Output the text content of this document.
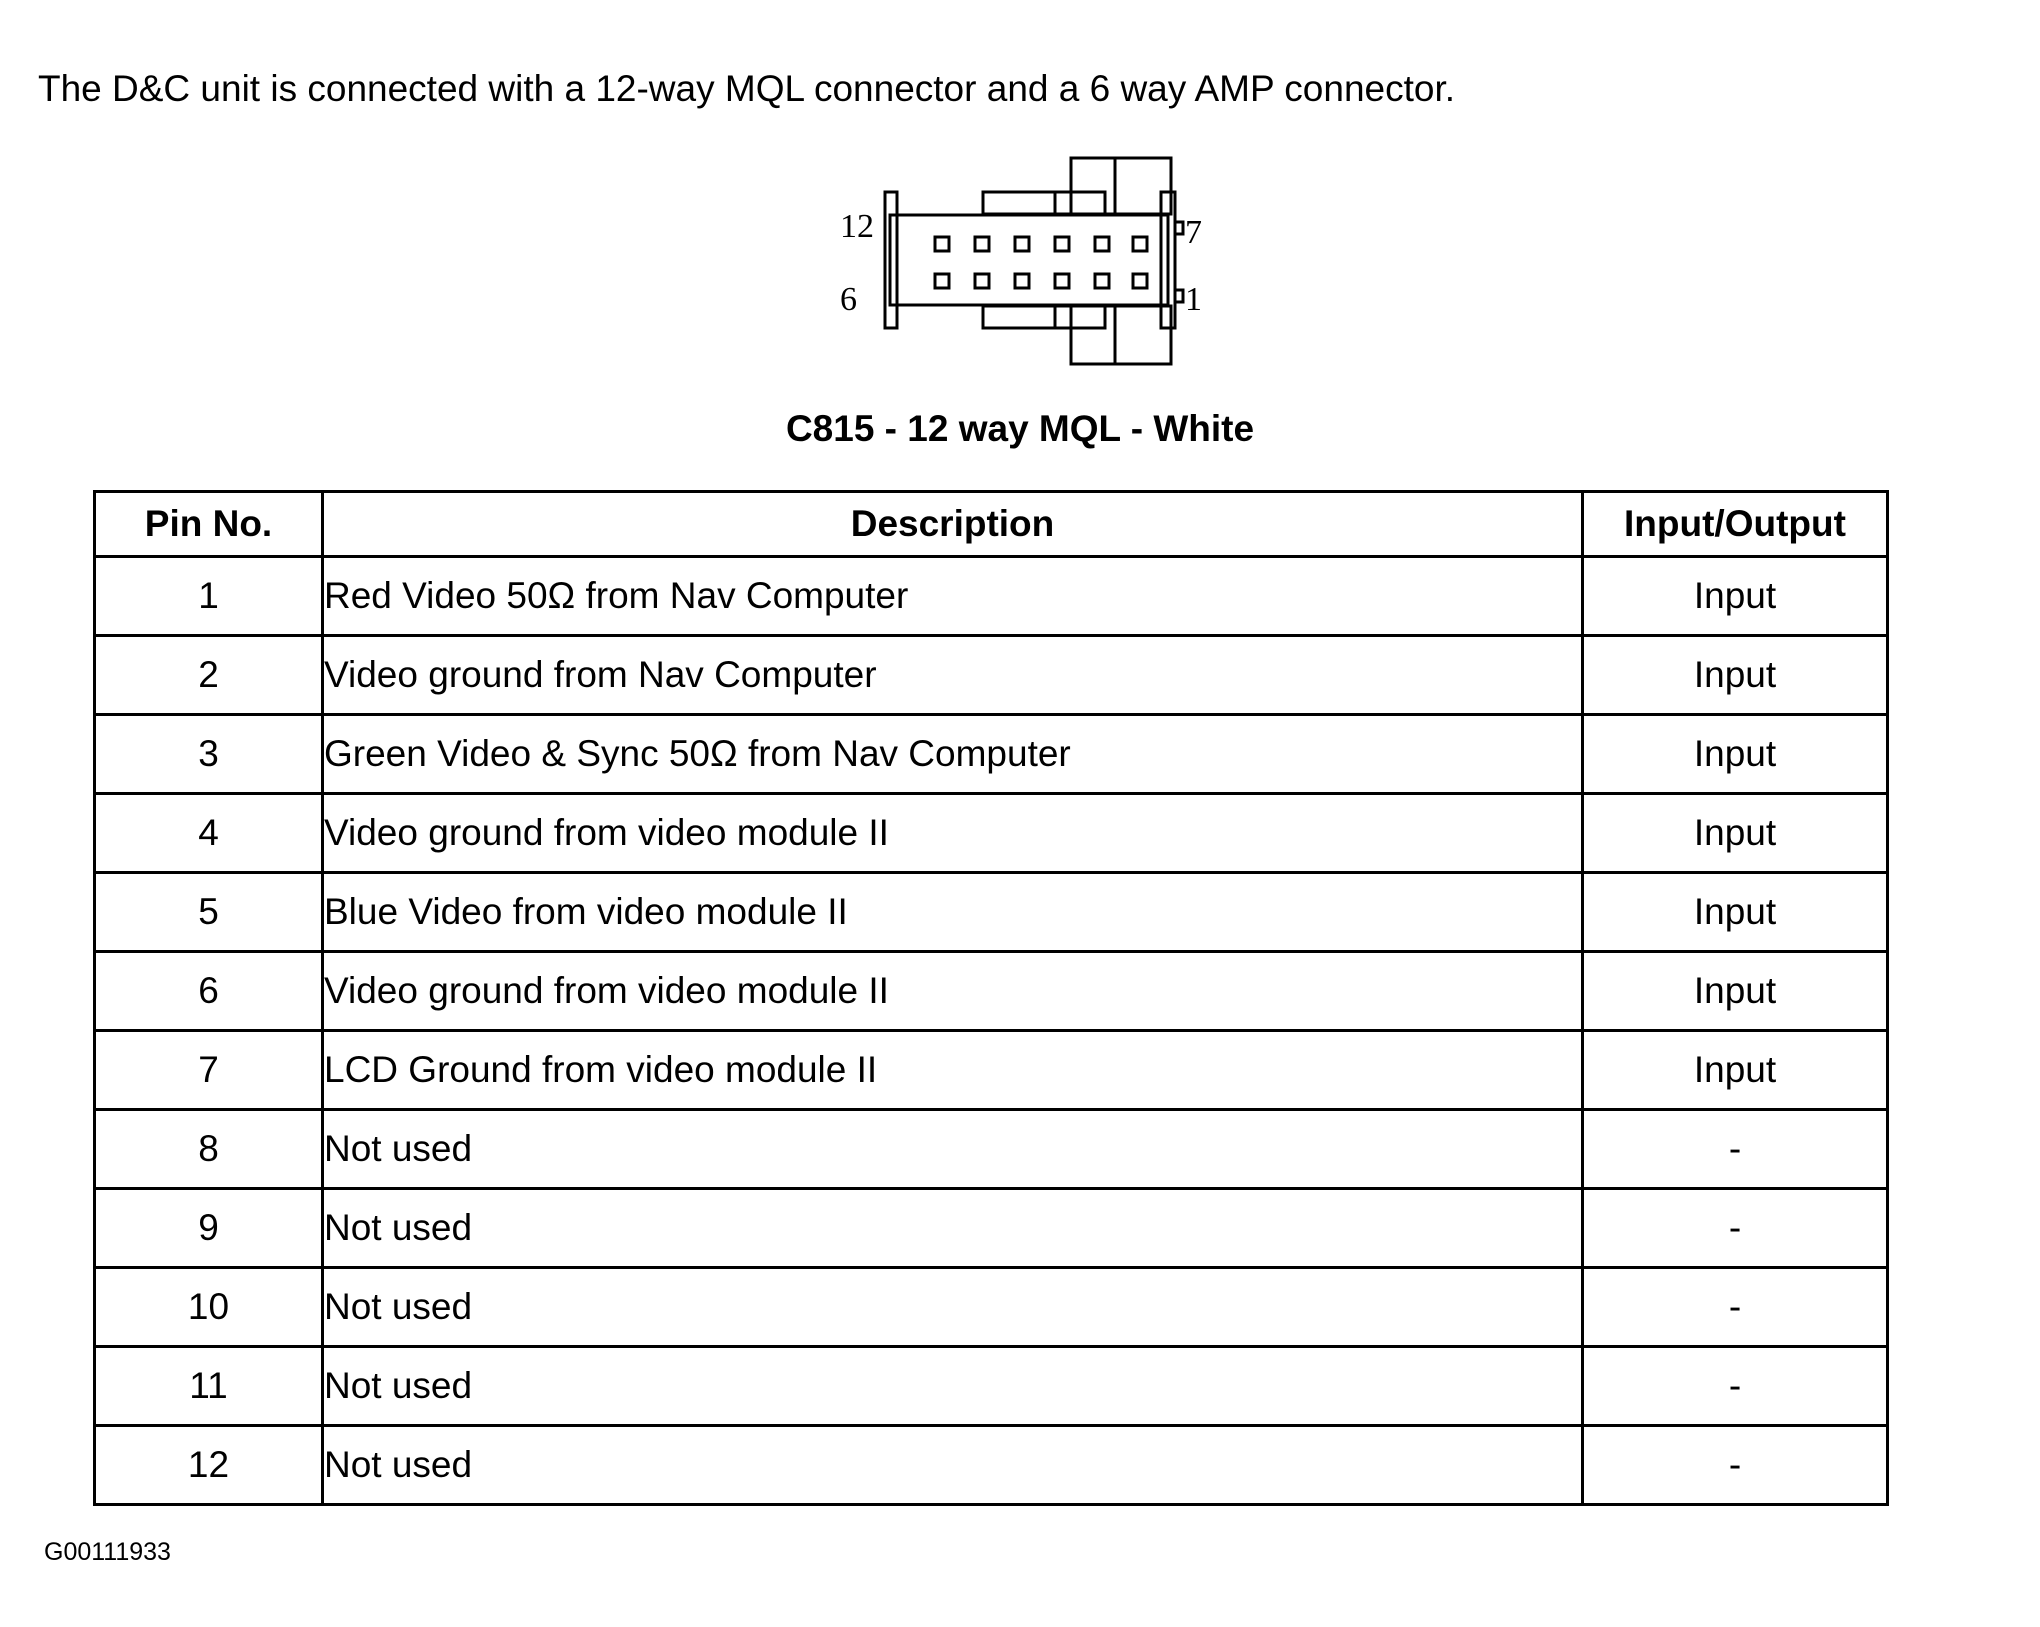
The D&C unit is connected with a 12-way MQL connector and a 6 way AMP connector.
12
6
7
1
C815 - 12 way MQL - White
Pin No.	Description	Input/Output
1	Red Video 50Ω from Nav Computer	Input
2	Video ground from Nav Computer	Input
3	Green Video & Sync 50Ω from Nav Computer	Input
4	Video ground from video module II	Input
5	Blue Video from video module II	Input
6	Video ground from video module II	Input
7	LCD Ground from video module II	Input
8	Not used	-
9	Not used	-
10	Not used	-
11	Not used	-
12	Not used	-
G00111933
